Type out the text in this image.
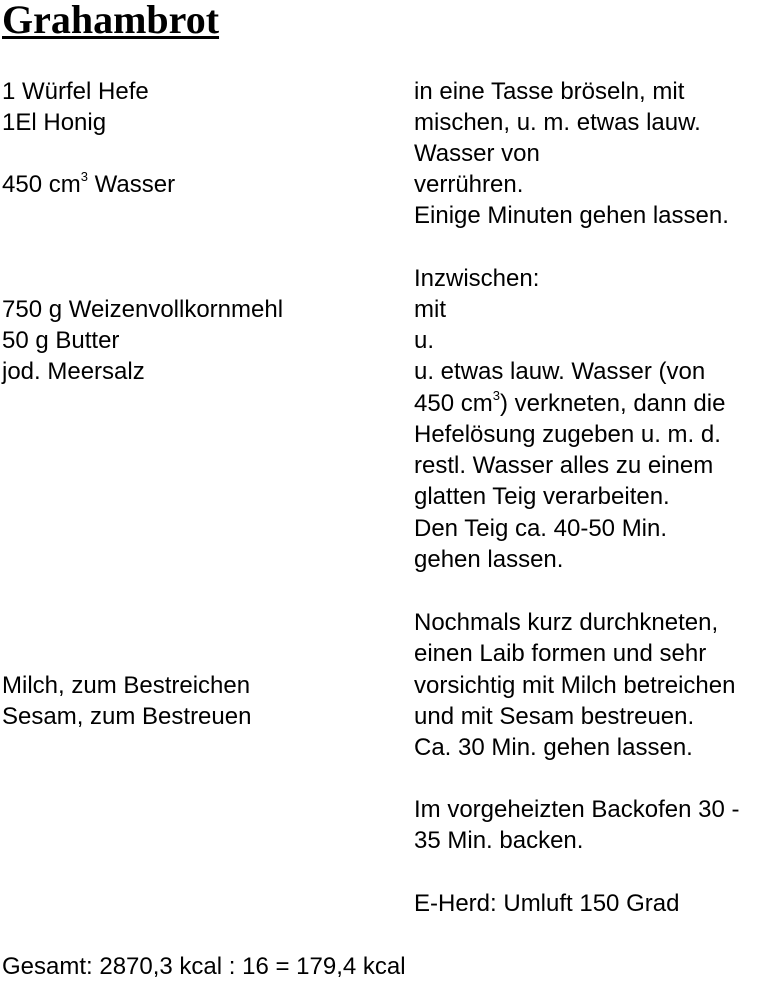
Grahambrot
1 Würfel Hefe
1El Honig
450 $cm^3$ Wasser
750 g Weizenvollkornmehl
50 g Butter
jod. Meersalz
Milch, zum Bestreichen
Sesam, zum Bestreuen
in eine Tasse bröseln, mit
mischen, u. m. etwas lauw.
Wasser von
verrühren.
Einige Minuten gehen lassen.
Inzwischen:
mit
u.
u. etwas lauw. Wasser (von
450 $cm^3$) verkneten, dann die
Hefelösung zugeben u. m. d.
restl. Wasser alles zu einem
glatten Teig verarbeiten.
Den Teig ca. 40-50 Min.
gehen lassen.
Nochmals kurz durchkneten,
einen Laib formen und sehr
vorsichtig mit Milch betreichen
und mit Sesam bestreuen.
Ca. 30 Min. gehen lassen.
Im vorgeheizten Backofen 30 -
35 Min. backen.
E-Herd: Umluft 150 Grad
Gesamt: 2870,3 kcal : 16 = 179,4 kcal
